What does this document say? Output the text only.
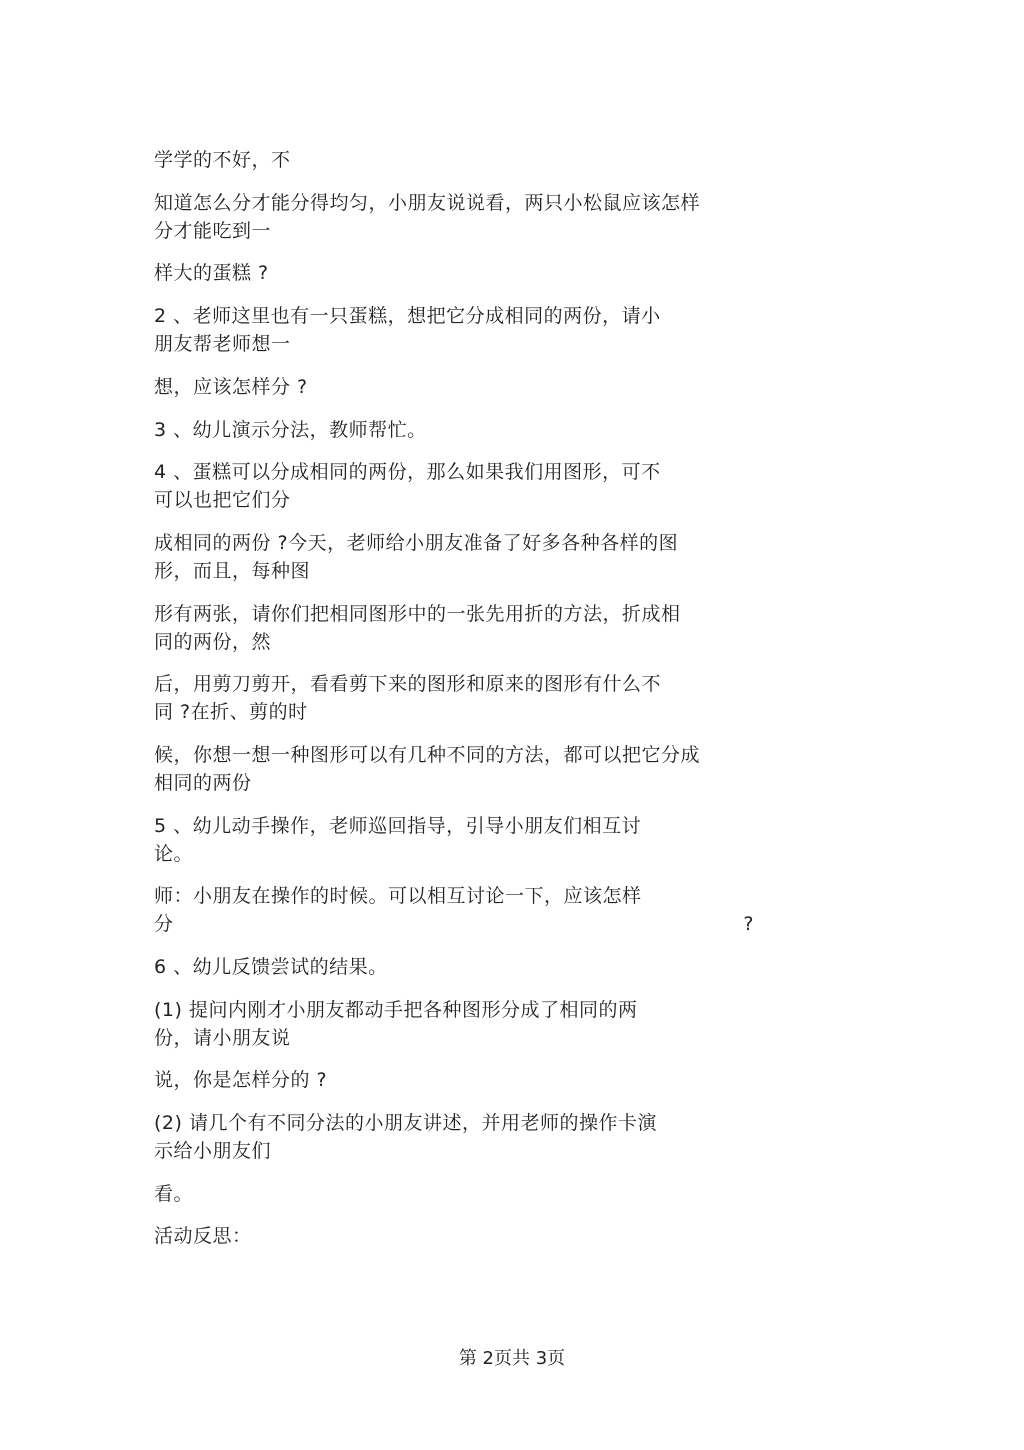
学学的不好，不
知道怎么分才能分得均匀，小朋友说说看，两只小松鼠应该怎样
分才能吃到一
样大的蛋糕 ?
2 、老师这里也有一只蛋糕，想把它分成相同的两份，请小
朋友帮老师想一
想，应该怎样分 ?
3 、幼儿演示分法，教师帮忙。
4 、蛋糕可以分成相同的两份，那么如果我们用图形，可不
可以也把它们分
成相同的两份 ?今天，老师给小朋友准备了好多各种各样的图
形，而且，每种图
形有两张，请你们把相同图形中的一张先用折的方法，折成相
同的两份，然
后，用剪刀剪开，看看剪下来的图形和原来的图形有什么不
同 ?在折、剪的时
候，你想一想一种图形可以有几种不同的方法，都可以把它分成
相同的两份
5 、幼儿动手操作，老师巡回指导，引导小朋友们相互讨
论。
师：小朋友在操作的时候。可以相互讨论一下，应该怎样
分	?
6 、幼儿反馈尝试的结果。
(1) 提问内刚才小朋友都动手把各种图形分成了相同的两
份，请小朋友说
说，你是怎样分的 ?
(2) 请几个有不同分法的小朋友讲述，并用老师的操作卡演
示给小朋友们
看。
活动反思：
第 2页共 3页
